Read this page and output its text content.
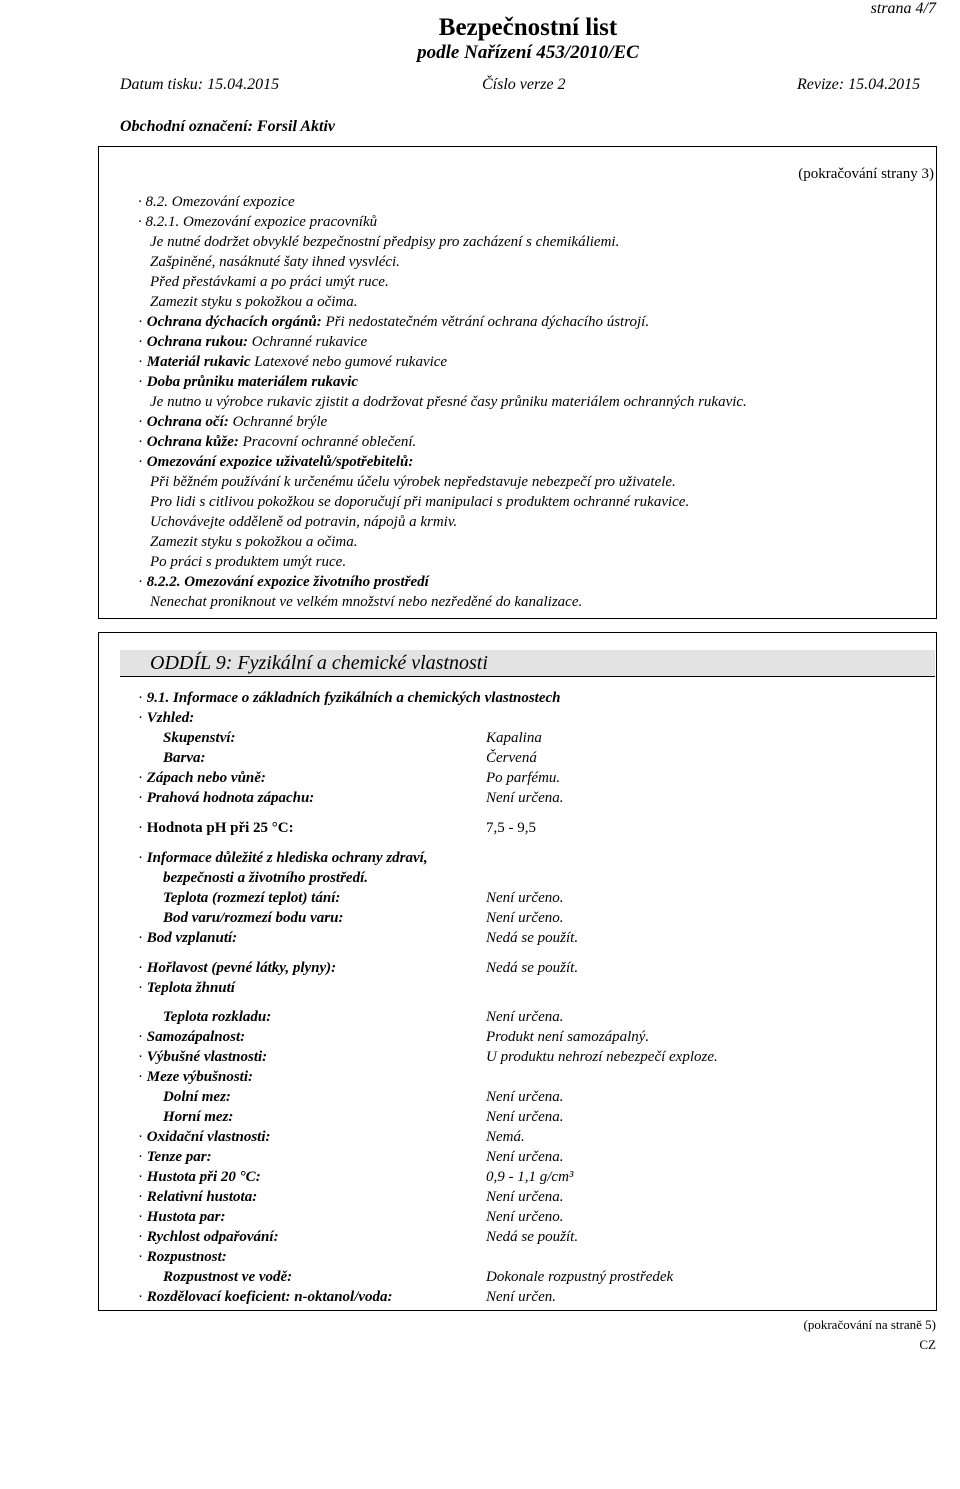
strana 4/7
Bezpečnostní list
podle Nařízení 453/2010/EC
Datum tisku: 15.04.2015	Číslo verze 2	Revize: 15.04.2015
Obchodní označení: Forsil Aktiv
(pokračování strany 3)
· 8.2. Omezování expozice
· 8.2.1. Omezování expozice pracovníků
Je nutné dodržet obvyklé bezpečnostní předpisy pro zacházení s chemikáliemi.
Zašpiněné, nasáknuté šaty ihned vysvléci.
Před přestávkami a po práci umýt ruce.
Zamezit styku s pokožkou a očima.
· Ochrana dýchacích orgánů: Při nedostatečném větrání ochrana dýchacího ústrojí.
· Ochrana rukou: Ochranné rukavice
· Materiál rukavic Latexové nebo gumové rukavice
· Doba průniku materiálem rukavic
Je nutno u výrobce rukavic zjistit a dodržovat přesné časy průniku materiálem ochranných rukavic.
· Ochrana očí: Ochranné brýle
· Ochrana kůže: Pracovní ochranné oblečení.
· Omezování expozice uživatelů/spotřebitelů:
Při běžném používání k určenému účelu výrobek nepředstavuje nebezpečí pro uživatele.
Pro lidi s citlivou pokožkou se doporučují při manipulaci s produktem ochranné rukavice.
Uchovávejte odděleně od potravin, nápojů a krmiv.
Zamezit styku s pokožkou a očima.
Po práci s produktem umýt ruce.
· 8.2.2. Omezování expozice životního prostředí
Nenechat proniknout ve velkém množství nebo nezředěné do kanalizace.
ODDÍL 9: Fyzikální a chemické vlastnosti
· 9.1. Informace o základních fyzikálních a chemických vlastnostech
· Vzhled:
Skupenství:	Kapalina
Barva:	Červená
· Zápach nebo vůně:	Po parfému.
· Prahová hodnota zápachu:	Není určena.
· Hodnota pH při 25 °C:	7,5 - 9,5
· Informace důležité z hlediska ochrany zdraví,
bezpečnosti a životního prostředí.
Teplota (rozmezí teplot) tání:	Není určeno.
Bod varu/rozmezí bodu varu:	Není určeno.
· Bod vzplanutí:	Nedá se použít.
· Hořlavost (pevné látky, plyny):	Nedá se použít.
· Teplota žhnutí
Teplota rozkladu:	Není určena.
· Samozápalnost:	Produkt není samozápalný.
· Výbušné vlastnosti:	U produktu nehrozí nebezpečí exploze.
· Meze výbušnosti:
Dolní mez:	Není určena.
Horní mez:	Není určena.
· Oxidační vlastnosti:	Nemá.
· Tenze par:	Není určena.
· Hustota při 20 °C:	0,9 - 1,1 g/cm³
· Relativní hustota:	Není určena.
· Hustota par:	Není určeno.
· Rychlost odpařování:	Nedá se použít.
· Rozpustnost:
Rozpustnost ve vodě:	Dokonale rozpustný prostředek
· Rozdělovací koeficient: n-oktanol/voda:	Není určen.
(pokračování na straně 5)
CZ
